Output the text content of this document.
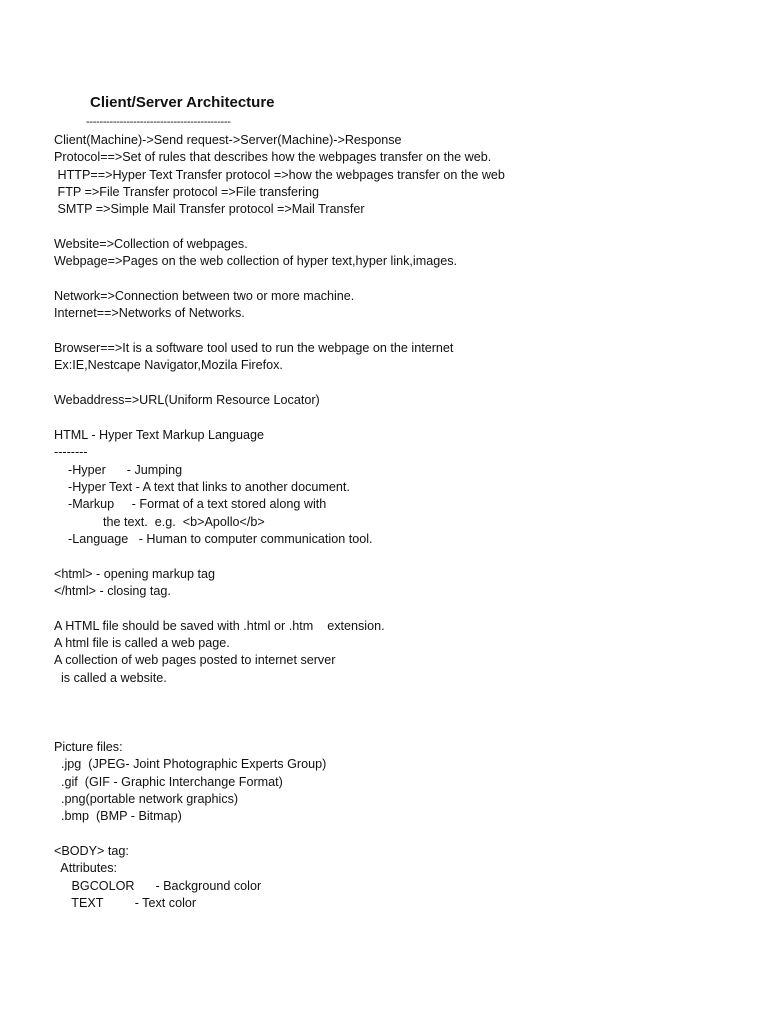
Client/Server Architecture
-------------------------------------------
Client(Machine)->Send request->Server(Machine)->Response
Protocol==>Set of rules that describes how the webpages transfer on the web.
HTTP==>Hyper Text Transfer protocol =>how the webpages transfer on the web
FTP =>File Transfer protocol =>File transfering
SMTP =>Simple Mail Transfer protocol =>Mail Transfer
Website=>Collection of webpages.
Webpage=>Pages on the web collection of hyper text,hyper link,images.
Network=>Connection between two or more machine.
Internet==>Networks of Networks.
Browser==>It is a software tool used to run the webpage on the internet
Ex:IE,Nestcape Navigator,Mozila Firefox.
Webaddress=>URL(Uniform Resource Locator)
HTML - Hyper Text Markup Language
--------
-Hyper      - Jumping
-Hyper Text - A text that links to another document.
-Markup     - Format of a text stored along with
the text.  e.g.  <b>Apollo</b>
-Language   - Human to computer communication tool.
<html> - opening markup tag
</html> - closing tag.
A HTML file should be saved with .html or .htm    extension.
A html file is called a web page.
A collection of web pages posted to internet server
is called a website.
Picture files:
.jpg  (JPEG- Joint Photographic Experts Group)
.gif  (GIF - Graphic Interchange Format)
.png(portable network graphics)
.bmp  (BMP - Bitmap)
<BODY> tag:
Attributes:
BGCOLOR      - Background color
TEXT         - Text color
